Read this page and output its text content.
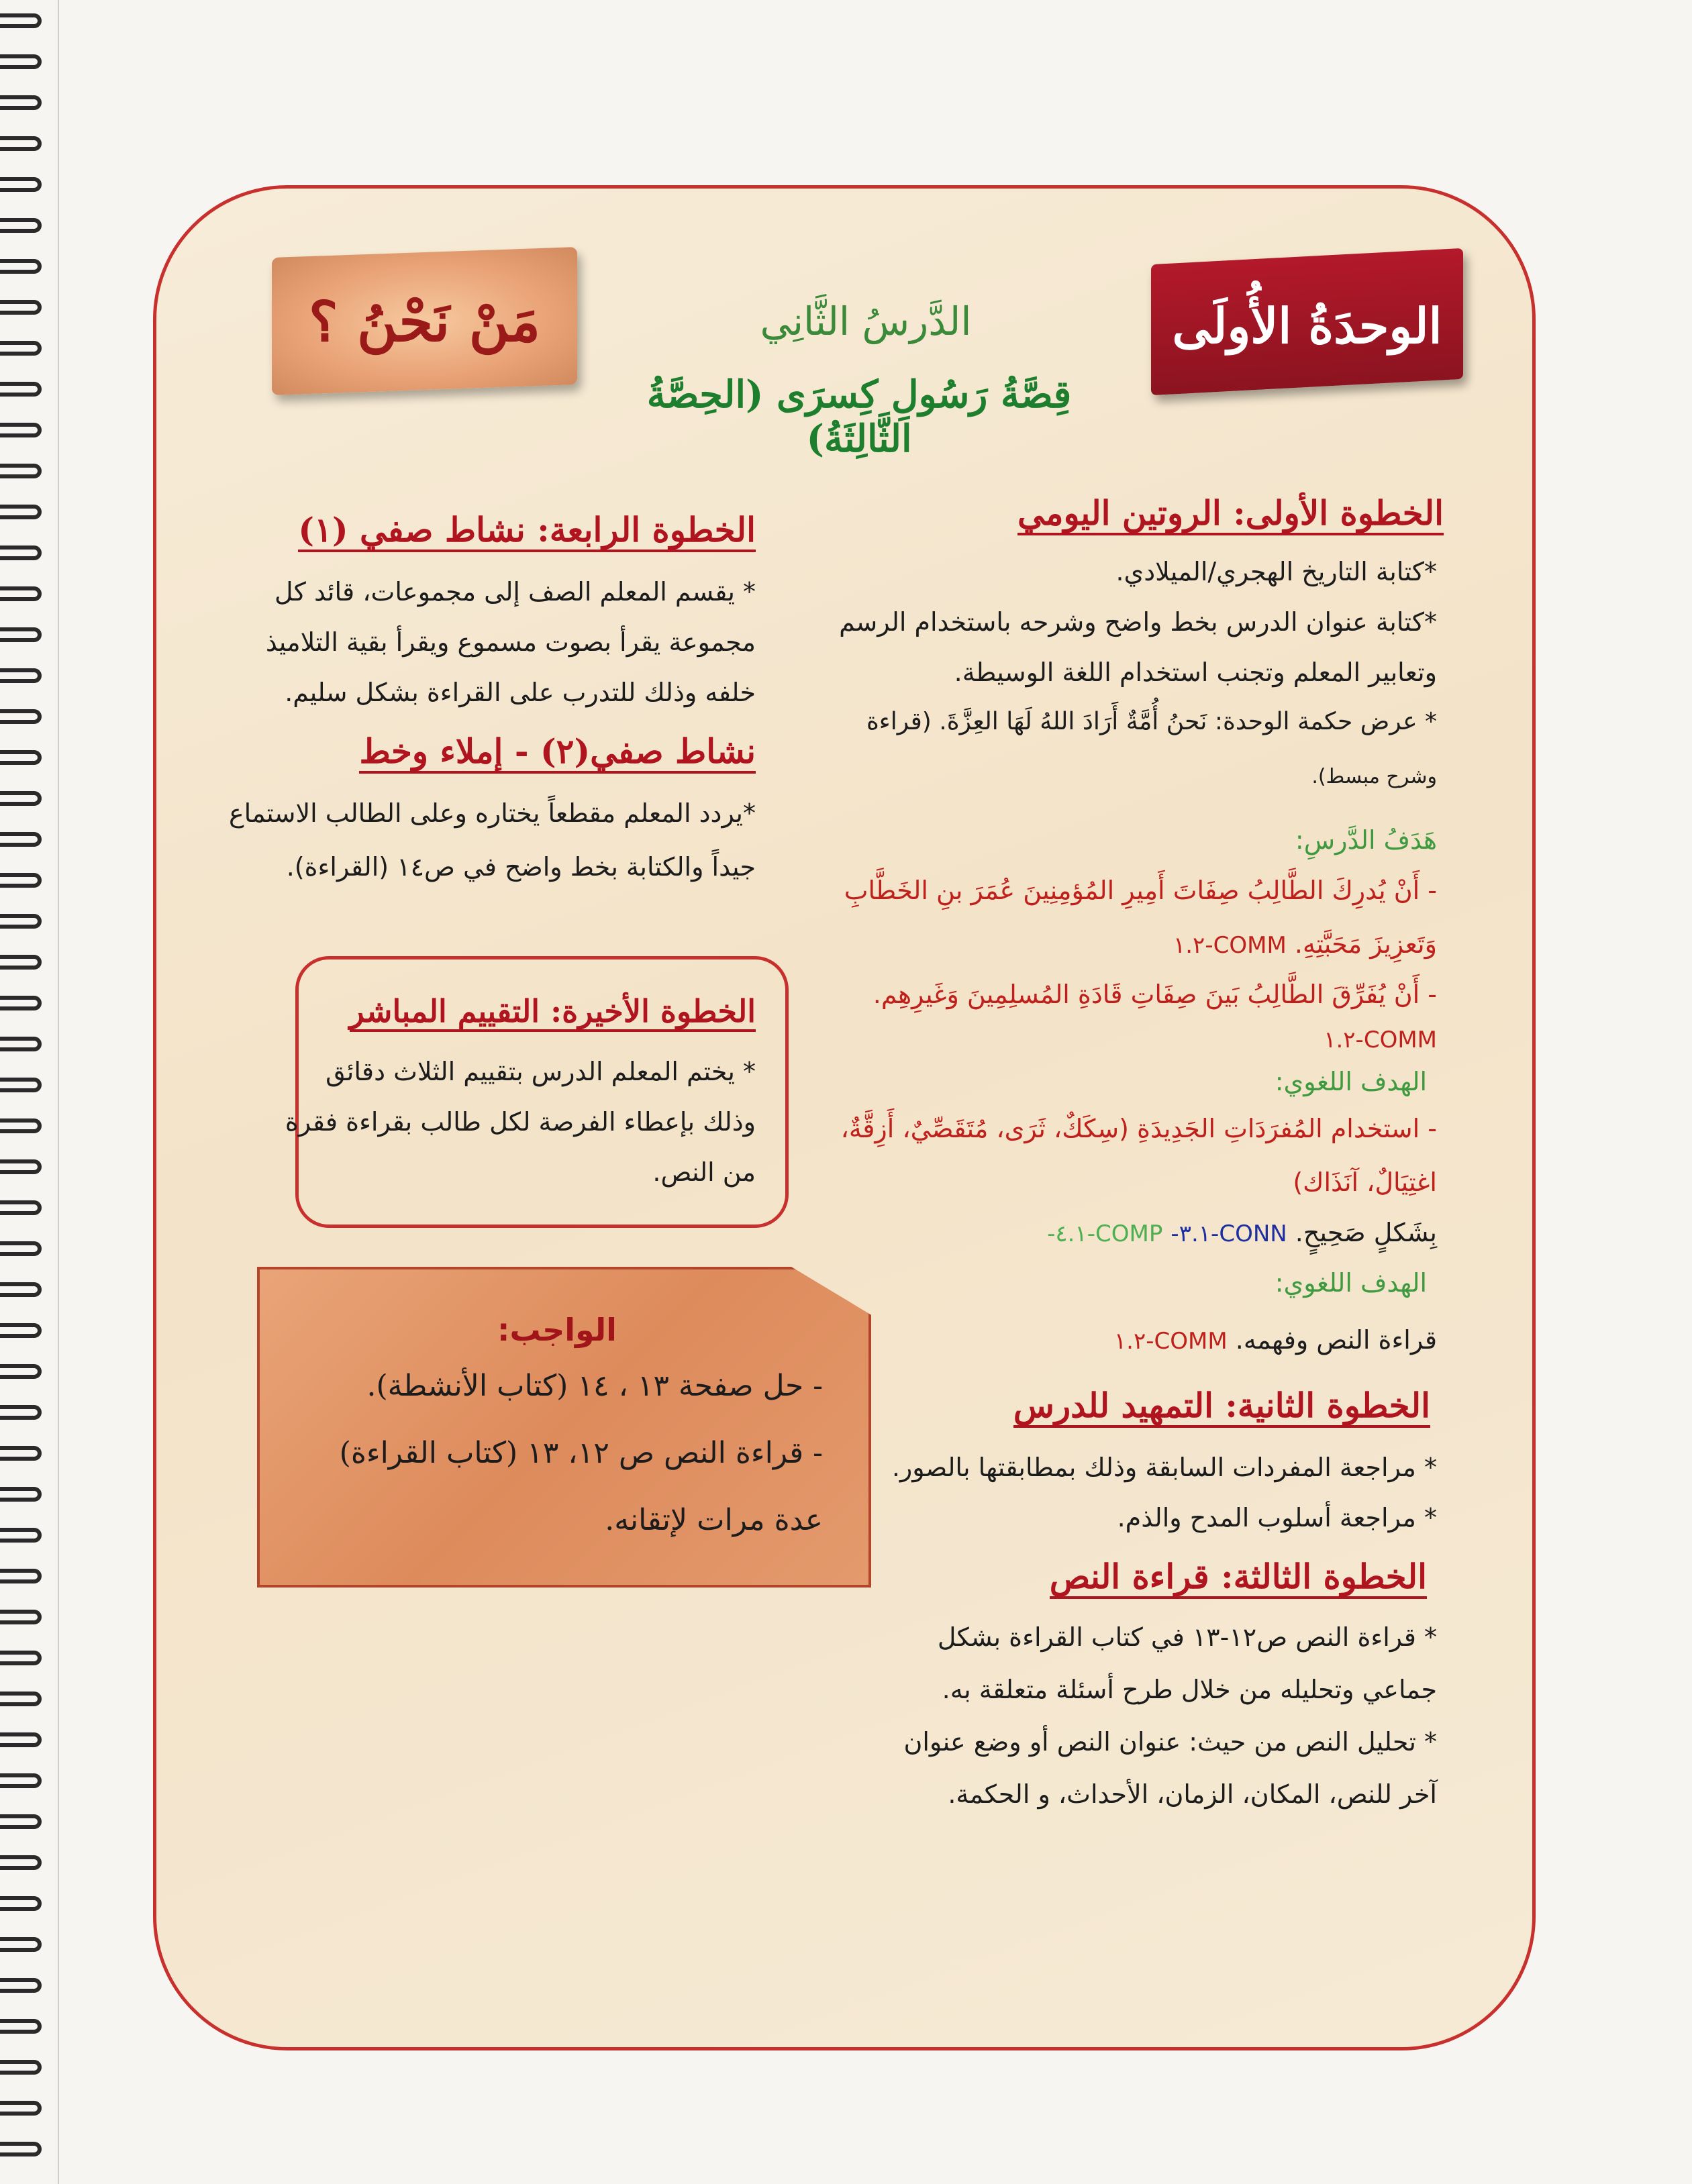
الوحدَةُ الأُولَى
مَنْ نَحْنُ ؟	الدَّرسُ الثَّانِي
قِصَّةُ رَسُولِ كِسرَى (الحِصَّةُ الثَّالِثَةُ)
الخطوة الأولى: الروتين اليومي
*كتابة التاريخ الهجري/الميلادي.
*كتابة عنوان الدرس بخط واضح وشرحه باستخدام الرسم
وتعابير المعلم وتجنب استخدام اللغة الوسيطة.
* عرض حكمة الوحدة: نَحنُ أُمَّةٌ أَرَادَ اللهُ لَهَا العِزَّةَ. (قراءة
وشرح مبسط).
هَدَفُ الدَّرسِ:
- أَنْ يُدرِكَ الطَّالِبُ صِفَاتَ أَمِيرِ المُؤمِنِينَ عُمَرَ بنِ الخَطَّابِ
وَتَعزِيزَ مَحَبَّتِهِ. COMM-١.٢
- أَنْ يُفَرِّقَ الطَّالِبُ بَينَ صِفَاتِ قَادَةِ المُسلِمِينَ وَغَيرِهِم.
COMM-١.٢
الهدف اللغوي:
- استخدام المُفرَدَاتِ الجَدِيدَةِ (سِكَكٌ، ثَرَى، مُتَقَصِّيٌ، أَزِقَّةٌ،
اغتِيَالٌ، آنَذَاك)
بِشَكلٍ صَحِيحٍ. CONN-٣.١- COMP-٤.١-
الهدف اللغوي:
قراءة النص وفهمه. COMM-١.٢
الخطوة الثانية: التمهيد للدرس
* مراجعة المفردات السابقة وذلك بمطابقتها بالصور.
* مراجعة أسلوب المدح والذم.
الخطوة الثالثة: قراءة النص
* قراءة النص ص١٢-١٣ في كتاب القراءة بشكل
جماعي وتحليله من خلال طرح أسئلة متعلقة به.
* تحليل النص من حيث: عنوان النص أو وضع عنوان
آخر للنص، المكان، الزمان، الأحداث، و الحكمة.
الخطوة الرابعة: نشاط صفي (١)
* يقسم المعلم الصف إلى مجموعات، قائد كل
مجموعة يقرأ بصوت مسموع ويقرأ بقية التلاميذ
خلفه وذلك للتدرب على القراءة بشكل سليم.
نشاط صفي(٢) - إملاء وخط
*يردد المعلم مقطعاً يختاره وعلى الطالب الاستماع
جيداً والكتابة بخط واضح في ص١٤ (القراءة).
الخطوة الأخيرة: التقييم المباشر
* يختم المعلم الدرس بتقييم الثلاث دقائق
وذلك بإعطاء الفرصة لكل طالب بقراءة فقرة
من النص.
الواجب:
- حل صفحة ١٣ ، ١٤ (كتاب الأنشطة).
- قراءة النص ص ١٢، ١٣ (كتاب القراءة)
عدة مرات لإتقانه.
